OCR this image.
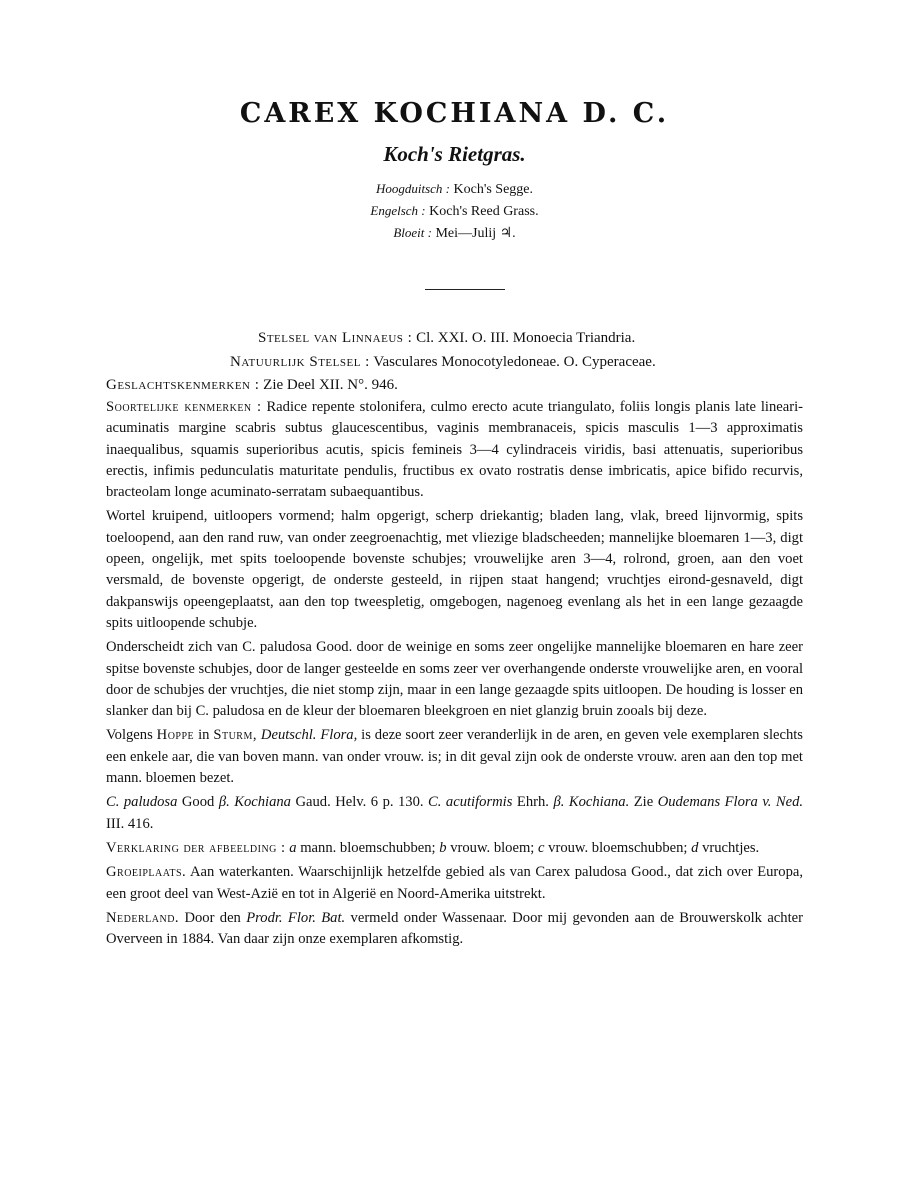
CAREX KOCHIANA D. C.
Koch's Rietgras.
Hoogduitsch : Koch's Segge.
Engelsch : Koch's Reed Grass.
Bloeit : Mei—Julij ♃.
Stelsel van Linnaeus : Cl. XXI. O. III. Monoecia Triandria.
Natuurlijk Stelsel : Vasculares Monocotyledoneae. O. Cyperaceae.
Geslachtskenmerken : Zie Deel XII. N°. 946.

Soortelijke kenmerken : Radice repente stolonifera, culmo erecto acute triangulato, foliis longis planis late lineari-acuminatis margine scabris subtus glaucescentibus, vaginis membranaceis, spicis masculis 1—3 approximatis inaequalibus, squamis superioribus acutis, spicis femineis 3—4 cylindraceis viridis, basi attenuatis, superioribus erectis, infimis pedunculatis maturitate pendulis, fructibus ex ovato rostratis dense imbricatis, apice bifido recurvis, bracteolam longe acuminato-serratam subaequantibus.

Wortel kruipend, uitloopers vormend; halm opgerigt, scherp driekantig; bladen lang, vlak, breed lijnvormig, spits toeloopend, aan den rand ruw, van onder zeegroenachtig, met vliezige bladscheeden; mannelijke bloemaren 1—3, digt opeen, ongelijk, met spits toeloopende bovenste schubjes; vrouwelijke aren 3—4, rolrond, groen, aan den voet versmald, de bovenste opgerigt, de onderste gesteeld, in rijpen staat hangend; vruchtjes eirond-gesnaveld, digt dakpanswijs opeengeplaatst, aan den top tweespletig, omgebogen, nagenoeg evenlang als het in een lange gezaagde spits uitloopende schubje.

Onderscheidt zich van C. paludosa Good. door de weinige en soms zeer ongelijke mannelijke bloemaren en hare zeer spitse bovenste schubjes, door de langer gesteelde en soms zeer ver overhangende onderste vrouwelijke aren, en vooral door de schubjes der vruchtjes, die niet stomp zijn, maar in een lange gezaagde spits uitloopen. De houding is losser en slanker dan bij C. paludosa en de kleur der bloemaren bleekgroen en niet glanzig bruin zooals bij deze.

Volgens Hoppe in Sturm, Deutschl. Flora, is deze soort zeer veranderlijk in de aren, en geven vele exemplaren slechts een enkele aar, die van boven mann. van onder vrouw. is; in dit geval zijn ook de onderste vrouw. aren aan den top met mann. bloemen bezet.

C. paludosa Good β. Kochiana Gaud. Helv. 6 p. 130. C. acutiformis Ehrh. β. Kochiana. Zie Oudemans Flora v. Ned. III. 416.

Verklaring der afbeelding : a mann. bloemschubben; b vrouw. bloem; c vrouw. bloemschubben; d vruchtjes.

Groeiplaats. Aan waterkanten. Waarschijnlijk hetzelfde gebied als van Carex paludosa Good., dat zich over Europa, een groot deel van West-Azië en tot in Algerië en Noord-Amerika uitstrekt.

Nederland. Door den Prodr. Flor. Bat. vermeld onder Wassenaar. Door mij gevonden aan de Brouwerskolk achter Overveen in 1884. Van daar zijn onze exemplaren afkomstig.
